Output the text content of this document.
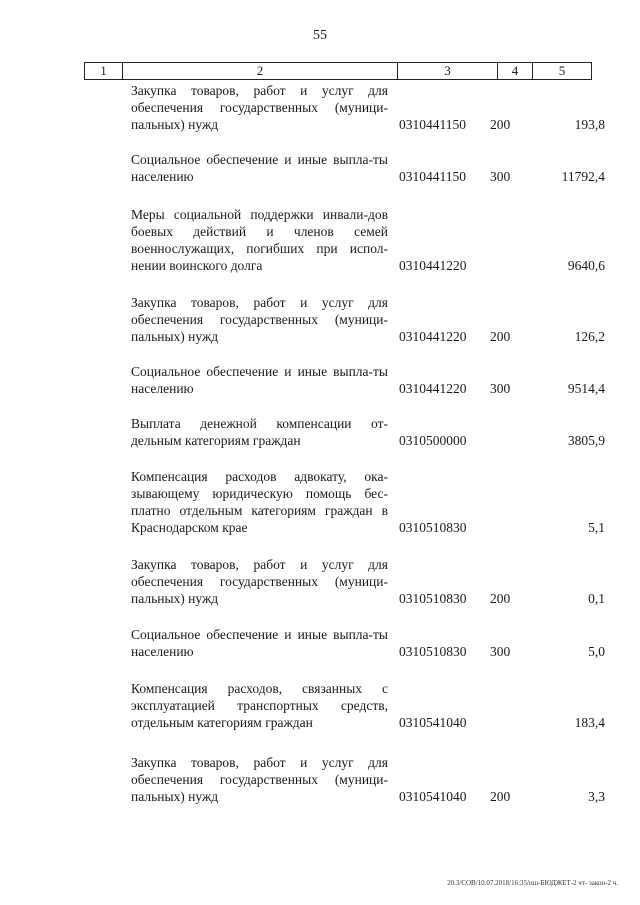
55
1	2	3	4	5
Закупка товаров, работ и услуг для обеспечения государственных (муници-пальных) нужд	0310441150 200	193,8
Социальное обеспечение и иные выпла-ты населению	0310441150 300	11792,4
Меры социальной поддержки инвали-дов боевых действий и членов семей военнослужащих, погибших при испол-нении воинского долга	0310441220	9640,6
Закупка товаров, работ и услуг для обеспечения государственных (муници-пальных) нужд	0310441220 200	126,2
Социальное обеспечение и иные выпла-ты населению	0310441220 300	9514,4
Выплата денежной компенсации от-дельным категориям граждан	0310500000	3805,9
Компенсация расходов адвокату, ока-зывающему юридическую помощь бес-платно отдельным категориям граждан в Краснодарском крае	0310510830	5,1
Закупка товаров, работ и услуг для обеспечения государственных (муници-пальных) нужд	0310510830 200	0,1
Социальное обеспечение и иные выпла-ты населению	0310510830 300	5,0
Компенсация расходов, связанных с эксплуатацией транспортных средств, отдельным категориям граждан	0310541040	183,4
Закупка товаров, работ и услуг для обеспечения государственных (муници-пальных) нужд	0310541040 200	3,3
20.3/COB/10.07.2018/16:35/нш-БЮДЖЕТ-2 чт- закон-2 ч.
